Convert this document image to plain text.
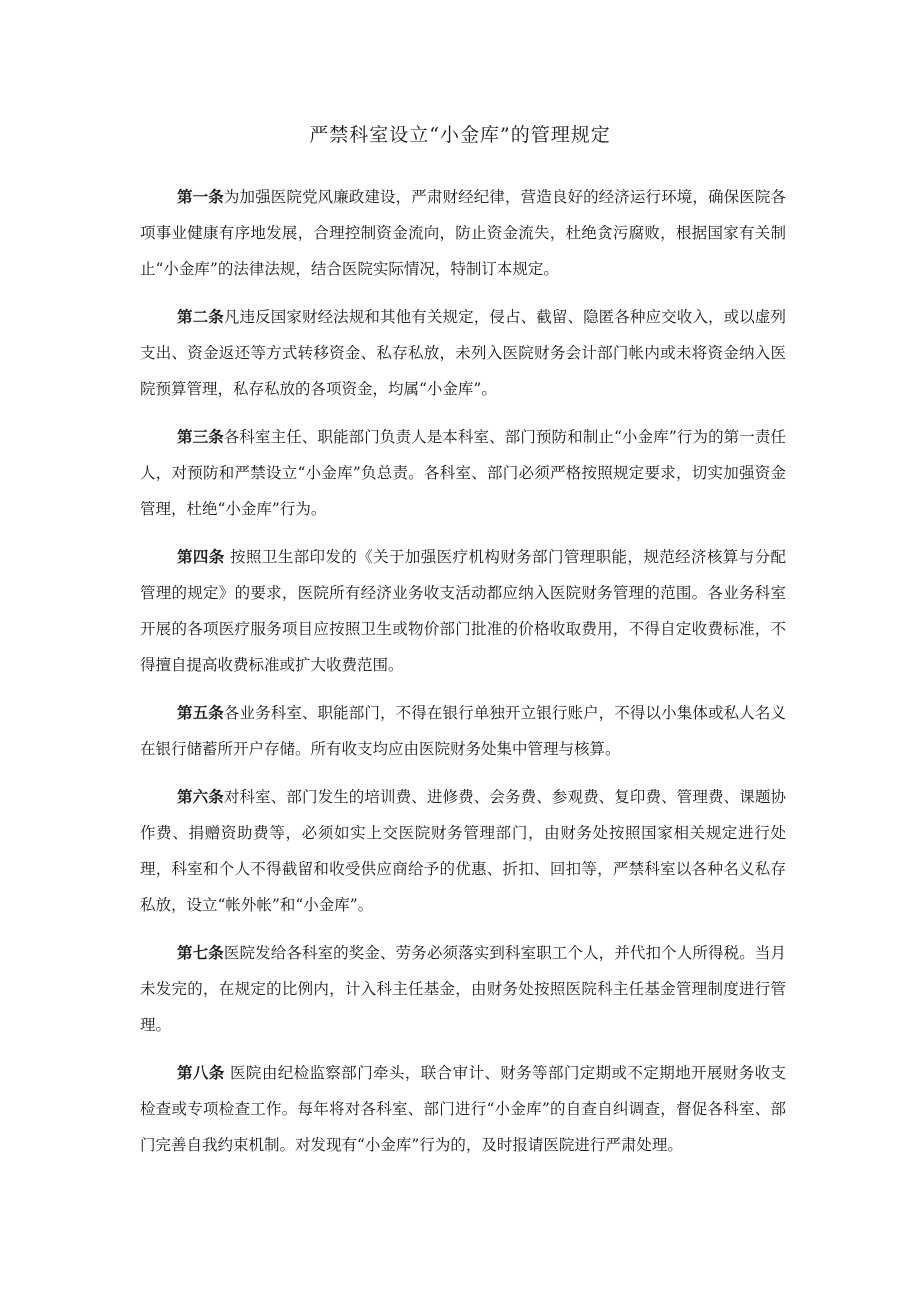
严禁科室设立“小金库”的管理规定

第一条为加强医院党风廉政建设，严肃财经纪律，营造良好的经济运行环境，确保医院各项事业健康有序地发展，合理控制资金流向，防止资金流失，杜绝贪污腐败，根据国家有关制止“小金库”的法律法规，结合医院实际情况，特制订本规定。

第二条凡违反国家财经法规和其他有关规定，侵占、截留、隐匿各种应交收入，或以虚列支出、资金返还等方式转移资金、私存私放，未列入医院财务会计部门帐内或未将资金纳入医院预算管理，私存私放的各项资金，均属“小金库”。

第三条各科室主任、职能部门负责人是本科室、部门预防和制止“小金库”行为的第一责任人，对预防和严禁设立“小金库”负总责。各科室、部门必须严格按照规定要求，切实加强资金管理，杜绝“小金库”行为。

第四条 按照卫生部印发的《关于加强医疗机构财务部门管理职能，规范经济核算与分配管理的规定》的要求，医院所有经济业务收支活动都应纳入医院财务管理的范围。各业务科室开展的各项医疗服务项目应按照卫生或物价部门批准的价格收取费用，不得自定收费标准，不得擅自提高收费标准或扩大收费范围。

第五条各业务科室、职能部门，不得在银行单独开立银行账户，不得以小集体或私人名义在银行储蓄所开户存储。所有收支均应由医院财务处集中管理与核算。

第六条对科室、部门发生的培训费、进修费、会务费、参观费、复印费、管理费、课题协作费、捐赠资助费等，必须如实上交医院财务管理部门，由财务处按照国家相关规定进行处理，科室和个人不得截留和收受供应商给予的优惠、折扣、回扣等，严禁科室以各种名义私存私放，设立“帐外帐”和“小金库”。

第七条医院发给各科室的奖金、劳务必须落实到科室职工个人，并代扣个人所得税。当月未发完的，在规定的比例内，计入科主任基金，由财务处按照医院科主任基金管理制度进行管理。

第八条 医院由纪检监察部门牵头，联合审计、财务等部门定期或不定期地开展财务收支检查或专项检查工作。每年将对各科室、部门进行“小金库”的自查自纠调查，督促各科室、部门完善自我约束机制。对发现有“小金库”行为的，及时报请医院进行严肃处理。
